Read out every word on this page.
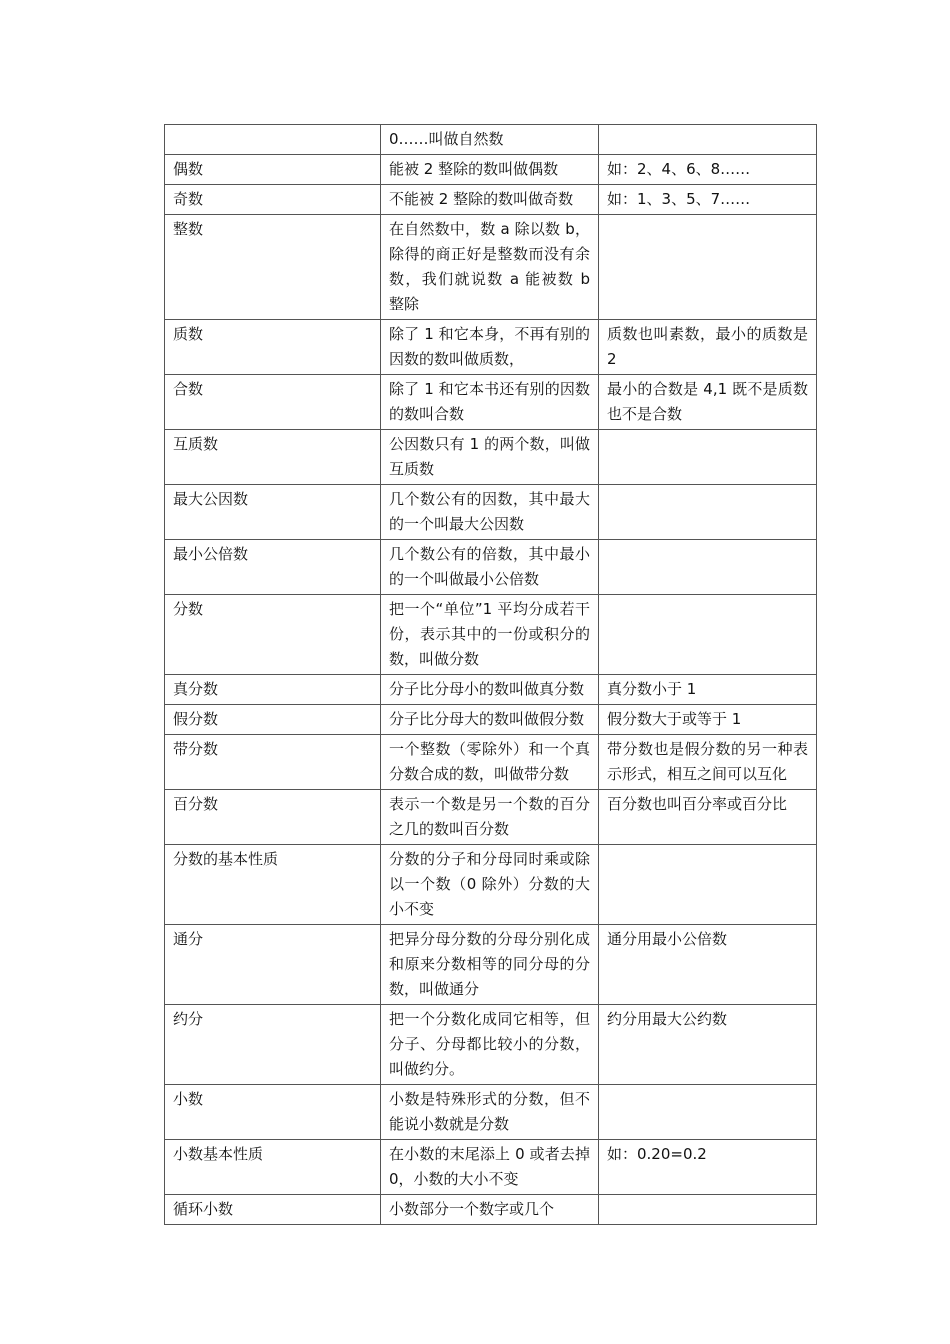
	0……叫做自然数	
偶数	能被 2 整除的数叫做偶数	如：2、4、6、8……
奇数	不能被 2 整除的数叫做奇数	如：1、3、5、7……
整数	在自然数中，数 a 除以数 b，除得的商正好是整数而没有余数，我们就说数 a 能被数 b 整除	
质数	除了 1 和它本身，不再有别的因数的数叫做质数，	质数也叫素数，最小的质数是 2
合数	除了 1 和它本书还有别的因数的数叫合数	最小的合数是 4,1 既不是质数也不是合数
互质数	公因数只有 1 的两个数，叫做互质数	
最大公因数	几个数公有的因数，其中最大的一个叫最大公因数	
最小公倍数	几个数公有的倍数，其中最小的一个叫做最小公倍数	
分数	把一个“单位”1 平均分成若干份，表示其中的一份或积分的数，叫做分数	
真分数	分子比分母小的数叫做真分数	真分数小于 1
假分数	分子比分母大的数叫做假分数	假分数大于或等于 1
带分数	一个整数（零除外）和一个真分数合成的数，叫做带分数	带分数也是假分数的另一种表示形式，相互之间可以互化
百分数	表示一个数是另一个数的百分之几的数叫百分数	百分数也叫百分率或百分比
分数的基本性质	分数的分子和分母同时乘或除以一个数（0 除外）分数的大小不变	
通分	把异分母分数的分母分别化成和原来分数相等的同分母的分数，叫做通分	通分用最小公倍数
约分	把一个分数化成同它相等，但分子、分母都比较小的分数，叫做约分。	约分用最大公约数
小数	小数是特殊形式的分数，但不能说小数就是分数	
小数基本性质	在小数的末尾添上 0 或者去掉 0，小数的大小不变	如：0.20=0.2
循环小数	小数部分一个数字或几个	
